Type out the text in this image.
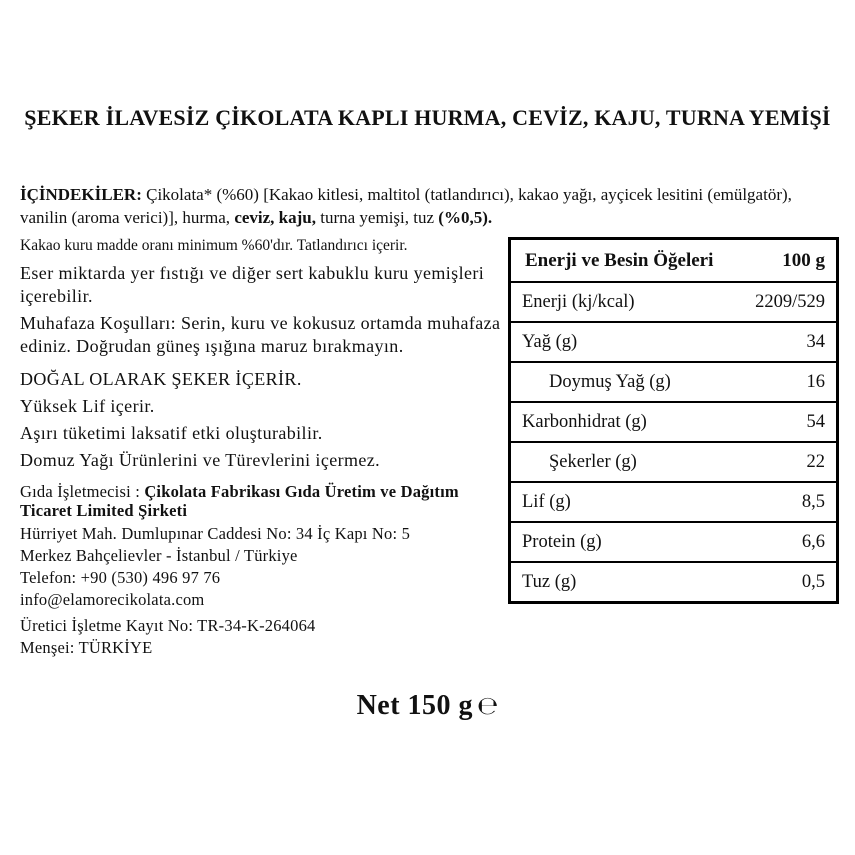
ŞEKER İLAVESİZ ÇİKOLATA KAPLI HURMA, CEVİZ, KAJU, TURNA YEMİŞİ

İÇİNDEKİLER: Çikolata* (%60) [Kakao kitlesi, maltitol (tatlandırıcı), kakao yağı, ayçicek lesitini (emülgatör), vanilin (aroma verici)], hurma, ceviz, kaju, turna yemişi, tuz (%0,5).

Kakao kuru madde oranı minimum %60'dır. Tatlandırıcı içerir.

Eser miktarda yer fıstığı ve diğer sert kabuklu kuru yemişleri içerebilir.

Muhafaza Koşulları: Serin, kuru ve kokusuz ortamda muhafaza ediniz. Doğrudan güneş ışığına maruz bırakmayın.

DOĞAL OLARAK ŞEKER İÇERİR.

Yüksek Lif içerir.

Aşırı tüketimi laksatif etki oluşturabilir.

Domuz Yağı Ürünlerini ve Türevlerini içermez.

Gıda İşletmecisi : Çikolata Fabrikası Gıda Üretim ve Dağıtım Ticaret Limited Şirketi

Hürriyet Mah. Dumlupınar Caddesi No: 34 İç Kapı No: 5

Merkez Bahçelievler - İstanbul / Türkiye

Telefon: +90 (530) 496 97 76

info@elamorecikolata.com

Üretici İşletme Kayıt No: TR-34-K-264064

Menşei: TÜRKİYE

Enerji ve Besin Öğeleri	100 g
Enerji (kj/kcal)	2209/529
Yağ (g)	34
Doymuş Yağ (g)	16
Karbonhidrat (g)	54
Şekerler (g)	22
Lif (g)	8,5
Protein (g)	6,6
Tuz (g)	0,5
Net 150 g ℮
